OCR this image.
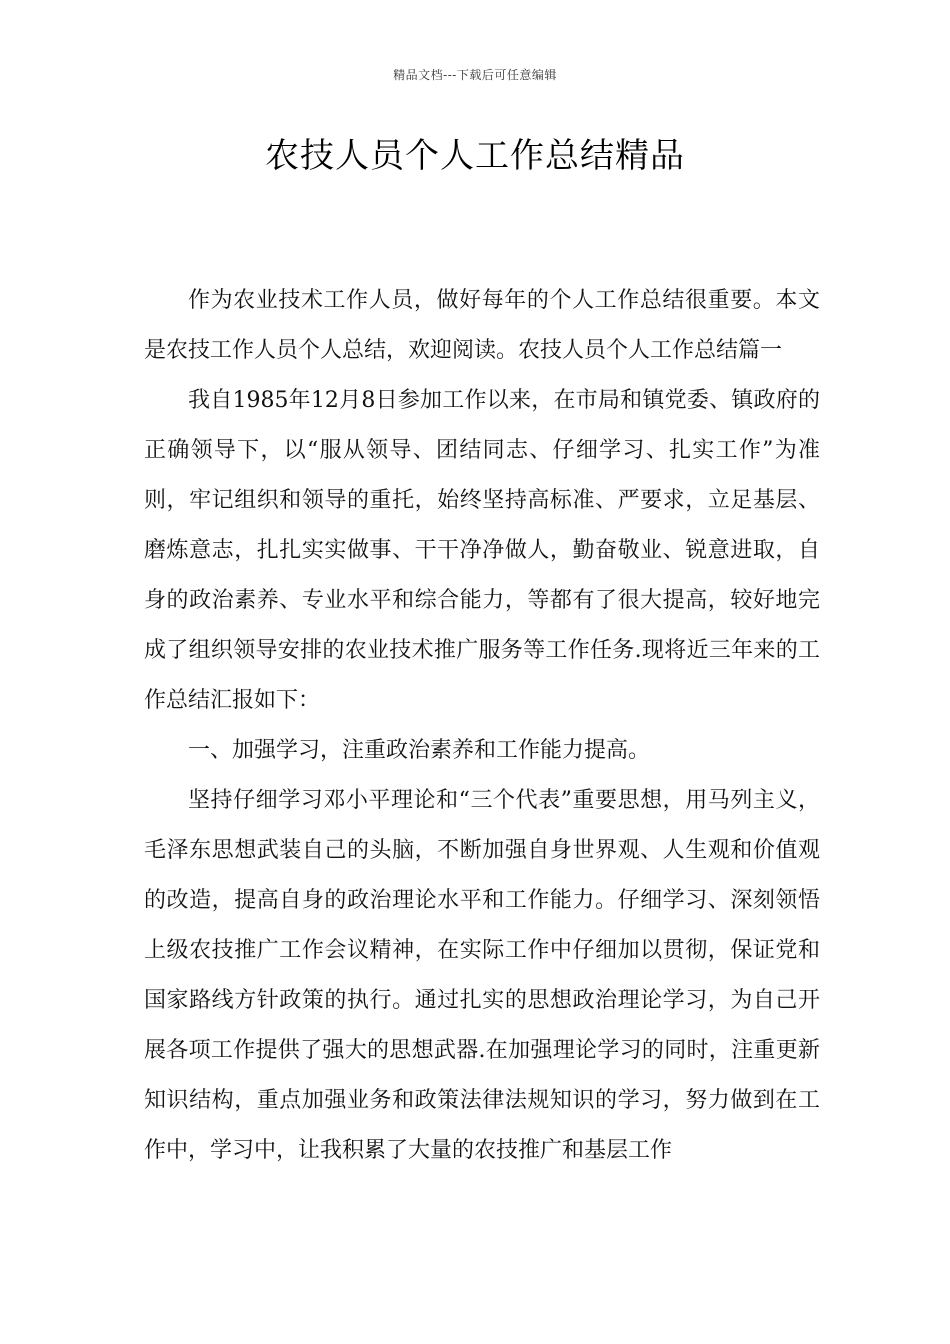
精品文档---下载后可任意编辑
农技人员个人工作总结精品

作为农业技术工作人员，做好每年的个人工作总结很重要。本文是农技工作人员个人总结，欢迎阅读。农技人员个人工作总结篇一

我自1985年12月8日参加工作以来，在市局和镇党委、镇政府的正确领导下，以“服从领导、团结同志、仔细学习、扎实工作”为准则，牢记组织和领导的重托，始终坚持高标准、严要求，立足基层、磨炼意志，扎扎实实做事、干干净净做人，勤奋敬业、锐意进取，自身的政治素养、专业水平和综合能力，等都有了很大提高，较好地完成了组织领导安排的农业技术推广服务等工作任务.现将近三年来的工作总结汇报如下：

一、加强学习，注重政治素养和工作能力提高。

坚持仔细学习邓小平理论和“三个代表”重要思想，用马列主义，毛泽东思想武装自己的头脑，不断加强自身世界观、人生观和价值观的改造，提高自身的政治理论水平和工作能力。仔细学习、深刻领悟上级农技推广工作会议精神，在实际工作中仔细加以贯彻，保证党和国家路线方针政策的执行。通过扎实的思想政治理论学习，为自己开展各项工作提供了强大的思想武器.在加强理论学习的同时，注重更新知识结构，重点加强业务和政策法律法规知识的学习，努力做到在工作中，学习中，让我积累了大量的农技推广和基层工作
